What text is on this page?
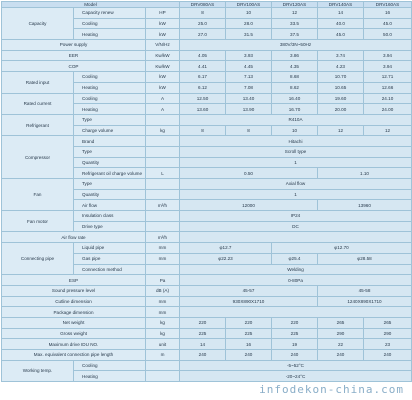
Model			DRV080AS	DRV100AS	DRV120AS	DRV140AS	DRV160AS
Capacity	Capacity renew	HP	8	10	12	14	16
	Cooling	kW	25.0	28.0	33.5	40.0	45.0
	Heating	kW	27.0	31.5	37.5	45.0	50.0
Power supply		V/N/Hz	380V/3N~50Hz				
EER		Kw/kW	4.05	3.93	3.86	3.74	3.94
COP		Kw/kW	4.41	4.45	4.35	4.23	3.94
Rated input	Cooling	kW	6.17	7.13	8.68	10.70	12.71
	Heating	kW	6.12	7.08	8.62	10.65	12.66
Rated current	Cooling	A	12.50	13.40	16.40	19.60	24.10
	Heating	A	13.60	13.90	16.70	20.00	24.00
Refrigerant	Type		R410A				
	Charge volume	kg	8	8	10	12	12
Compressor	Brand		Hitachi				
	Type		Scroll type				
	Quantity		1				
	Refrigerant oil charge volume	L	0.50			1.10	
Fan	Type		Axial flow				
	Quantity		1				
	Air flow	m³/h	12000			13960	
Fan motor	Insulation class		IP24				
	Drive type		DC				
Air flow rate		m³/h					
Connecting pipe	Liquid pipe	mm	φ12.7		φ12.70		
	Gas pipe	mm	φ22.23		φ25.4	φ28.58	
	Connection method		Welding				
ESP		Pa	0-80Pa				
Sound pressure level		dB (A)	45-57			45-58	
Cutline dimension		mm	930X890X1710			1240X890X1710	
Package dimension		mm					
Net weight		kg	220	220	220	265	265
Gross weight		kg	225	225	225	290	290
Maximum drive IDU NO.		unit	14	16	19	22	23
Max. equivalent connection pipe length		m	240	240	240	240	240
Working temp.	Cooling		-5~52°C				
	Heating		-20~24°C				
infodekon-china.com
